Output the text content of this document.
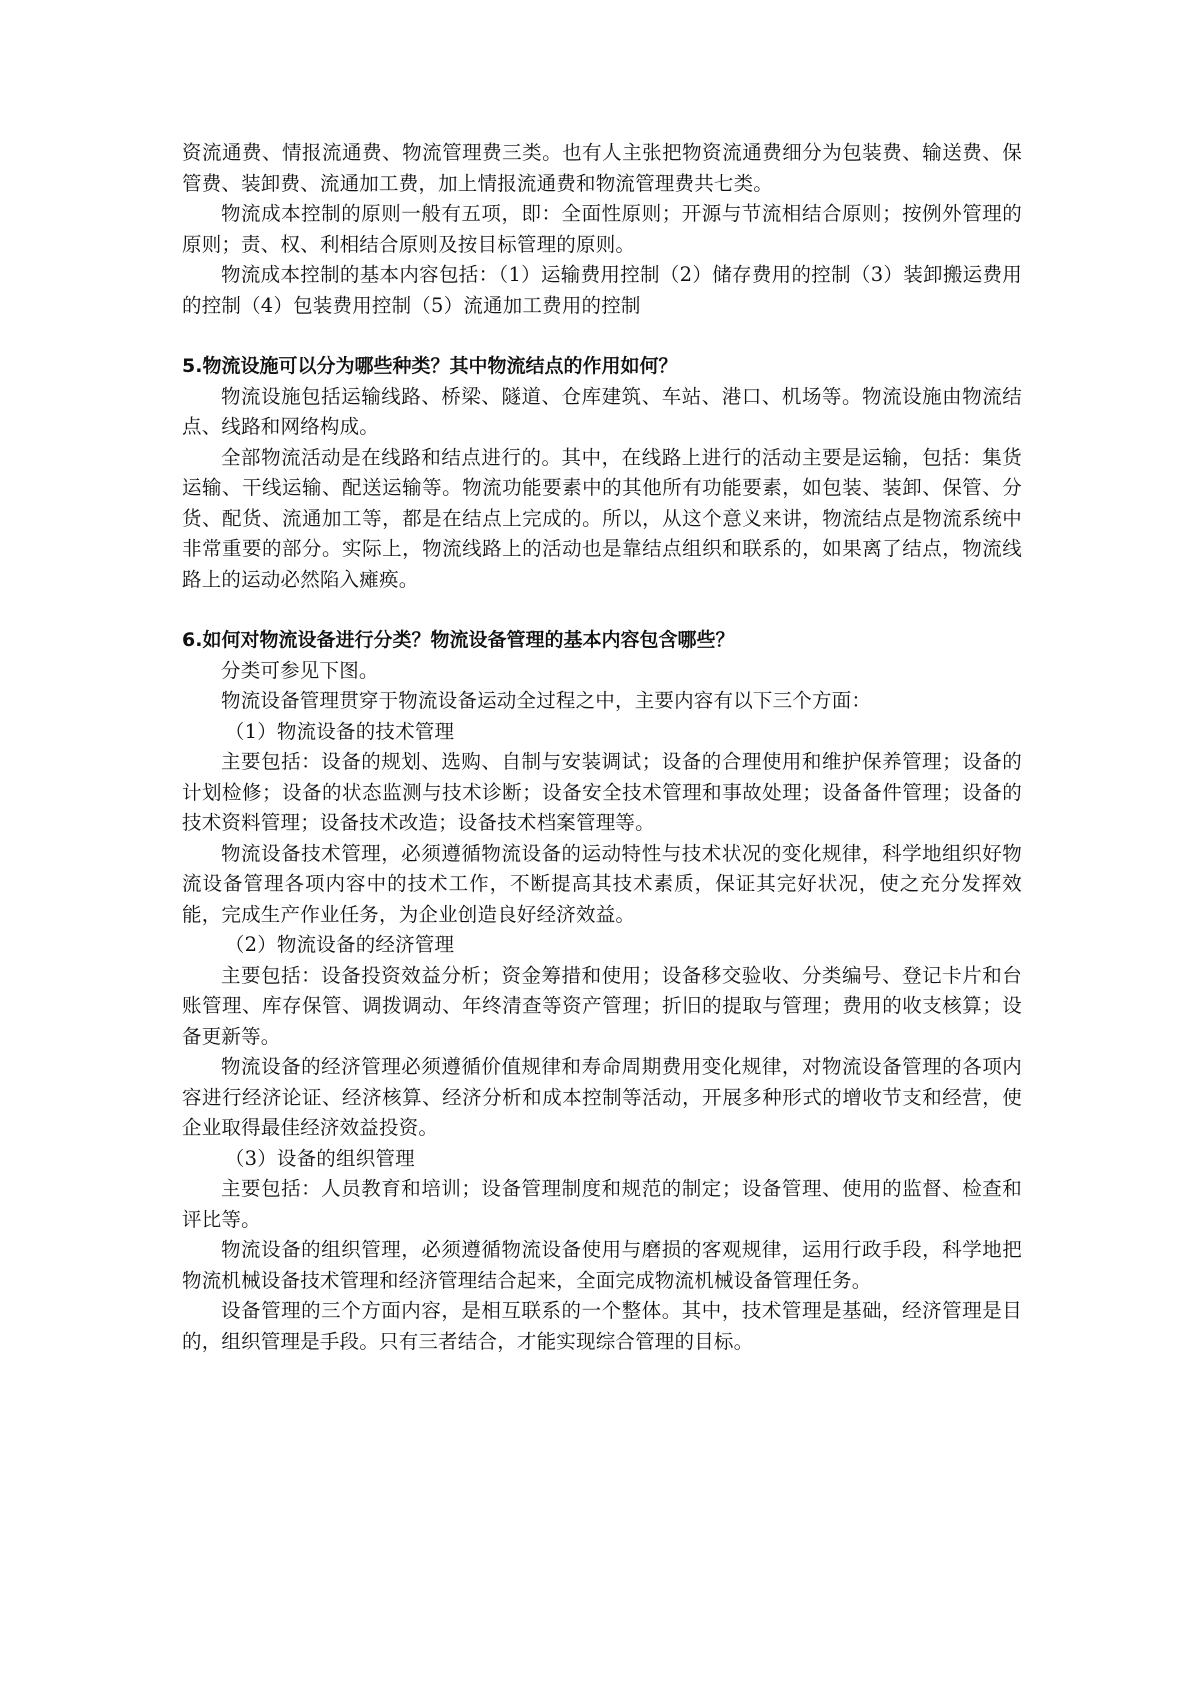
资流通费、情报流通费、物流管理费三类。也有人主张把物资流通费细分为包装费、输送费、保管费、装卸费、流通加工费，加上情报流通费和物流管理费共七类。

物流成本控制的原则一般有五项，即：全面性原则；开源与节流相结合原则；按例外管理的原则；责、权、利相结合原则及按目标管理的原则。

物流成本控制的基本内容包括：（1）运输费用控制（2）储存费用的控制（3）装卸搬运费用的控制（4）包装费用控制（5）流通加工费用的控制

5.物流设施可以分为哪些种类？其中物流结点的作用如何？

物流设施包括运输线路、桥梁、隧道、仓库建筑、车站、港口、机场等。物流设施由物流结点、线路和网络构成。

全部物流活动是在线路和结点进行的。其中，在线路上进行的活动主要是运输，包括：集货运输、干线运输、配送运输等。物流功能要素中的其他所有功能要素，如包装、装卸、保管、分货、配货、流通加工等，都是在结点上完成的。所以，从这个意义来讲，物流结点是物流系统中非常重要的部分。实际上，物流线路上的活动也是靠结点组织和联系的，如果离了结点，物流线路上的运动必然陷入瘫痪。

6.如何对物流设备进行分类？物流设备管理的基本内容包含哪些？

分类可参见下图。

物流设备管理贯穿于物流设备运动全过程之中，主要内容有以下三个方面：

（1）物流设备的技术管理

主要包括：设备的规划、选购、自制与安装调试；设备的合理使用和维护保养管理；设备的计划检修；设备的状态监测与技术诊断；设备安全技术管理和事故处理；设备备件管理；设备的技术资料管理；设备技术改造；设备技术档案管理等。

物流设备技术管理，必须遵循物流设备的运动特性与技术状况的变化规律，科学地组织好物流设备管理各项内容中的技术工作，不断提高其技术素质，保证其完好状况，使之充分发挥效能，完成生产作业任务，为企业创造良好经济效益。

（2）物流设备的经济管理

主要包括：设备投资效益分析；资金筹措和使用；设备移交验收、分类编号、登记卡片和台账管理、库存保管、调拨调动、年终清查等资产管理；折旧的提取与管理；费用的收支核算；设备更新等。

物流设备的经济管理必须遵循价值规律和寿命周期费用变化规律，对物流设备管理的各项内容进行经济论证、经济核算、经济分析和成本控制等活动，开展多种形式的增收节支和经营，使企业取得最佳经济效益投资。

（3）设备的组织管理

主要包括：人员教育和培训；设备管理制度和规范的制定；设备管理、使用的监督、检查和评比等。

物流设备的组织管理，必须遵循物流设备使用与磨损的客观规律，运用行政手段，科学地把物流机械设备技术管理和经济管理结合起来，全面完成物流机械设备管理任务。

设备管理的三个方面内容，是相互联系的一个整体。其中，技术管理是基础，经济管理是目的，组织管理是手段。只有三者结合，才能实现综合管理的目标。
